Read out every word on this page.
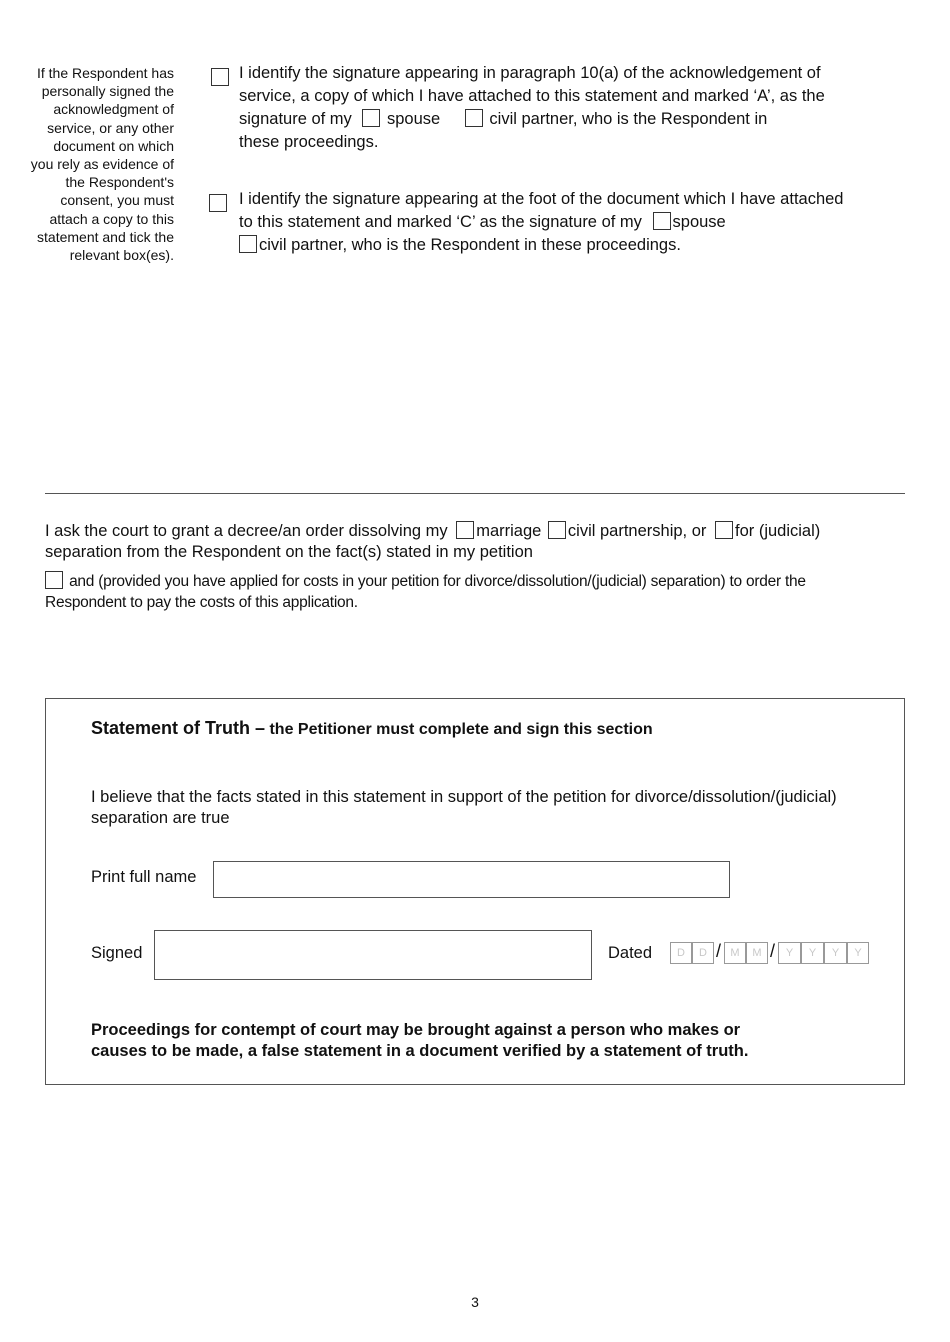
If the Respondent has personally signed the acknowledgment of service, or any other document on which you rely as evidence of the Respondent's consent, you must attach a copy to this statement and tick the relevant box(es).
I identify the signature appearing in paragraph 10(a) of the acknowledgement of
service, a copy of which I have attached to this statement and marked ‘A’, as the
signature of my spouse	civil partner, who is the Respondent in
these proceedings.
I identify the signature appearing at the foot of the document which I have attached
to this statement and marked ‘C’ as the signature of my spouse
civil partner, who is the Respondent in these proceedings.
I ask the court to grant a decree/an order dissolving my marriage civil partnership, or for (judicial)
separation from the Respondent on the fact(s) stated in my petition
and (provided you have applied for costs in your petition for divorce/dissolution/(judicial) separation) to order the
Respondent to pay the costs of this application.
Statement of Truth – the Petitioner must complete and sign this section
I believe that the facts stated in this statement in support of the petition for divorce/dissolution/(judicial)
separation are true
Print full name
Signed	Dated	D	D / M	M / Y	Y	Y	Y
Proceedings for contempt of court may be brought against a person who makes or
causes to be made, a false statement in a document verified by a statement of truth.
3
